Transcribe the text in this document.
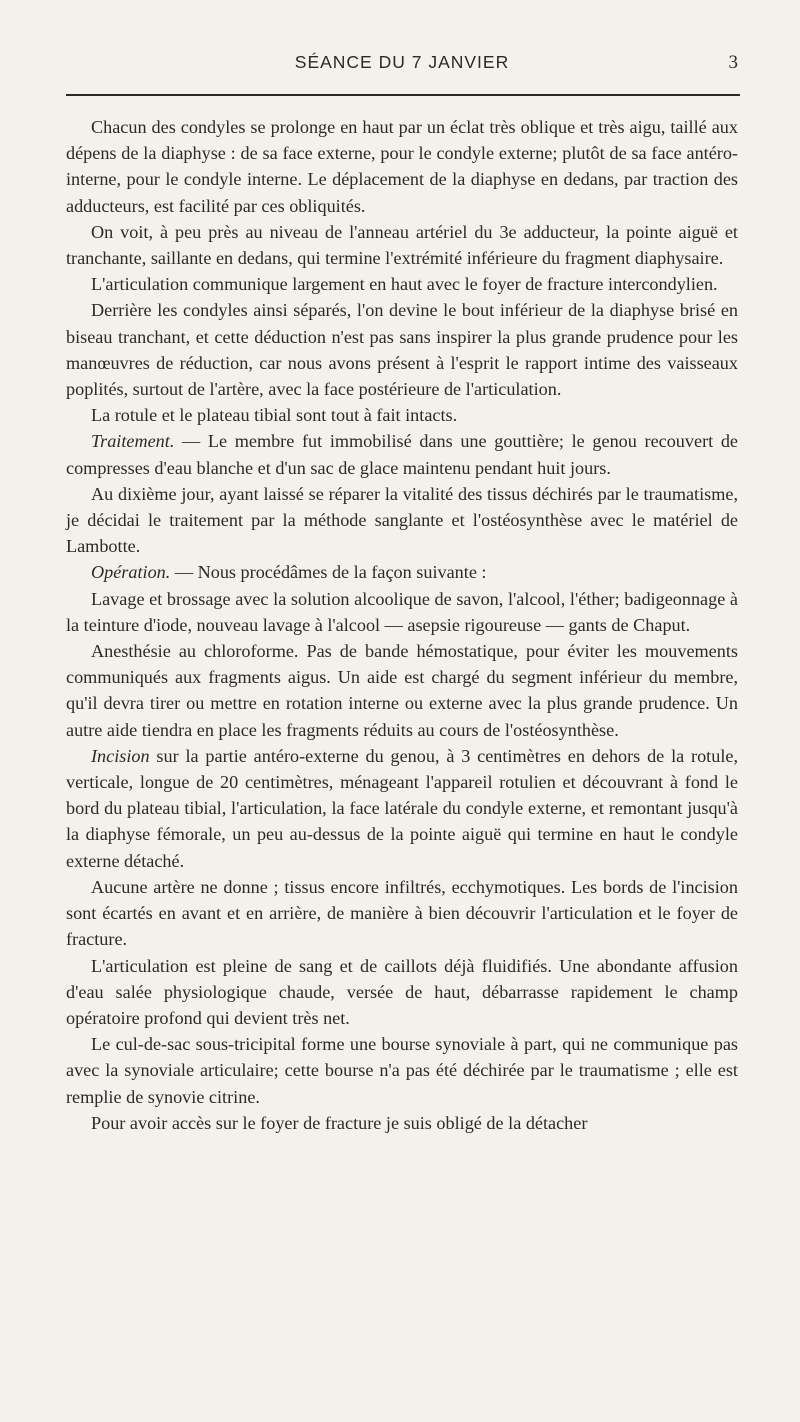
SÉANCE DU 7 JANVIER	3

Chacun des condyles se prolonge en haut par un éclat très oblique et très aigu, taillé aux dépens de la diaphyse : de sa face externe, pour le condyle externe; plutôt de sa face antéro-interne, pour le condyle interne. Le déplacement de la diaphyse en dedans, par traction des adducteurs, est facilité par ces obliquités.

On voit, à peu près au niveau de l'anneau artériel du 3e adducteur, la pointe aiguë et tranchante, saillante en dedans, qui termine l'extrémité inférieure du fragment diaphysaire.

L'articulation communique largement en haut avec le foyer de fracture intercondylien.

Derrière les condyles ainsi séparés, l'on devine le bout inférieur de la diaphyse brisé en biseau tranchant, et cette déduction n'est pas sans inspirer la plus grande prudence pour les manœuvres de réduction, car nous avons présent à l'esprit le rapport intime des vaisseaux poplités, surtout de l'artère, avec la face postérieure de l'articulation.

La rotule et le plateau tibial sont tout à fait intacts.

Traitement. — Le membre fut immobilisé dans une gouttière; le genou recouvert de compresses d'eau blanche et d'un sac de glace maintenu pendant huit jours.

Au dixième jour, ayant laissé se réparer la vitalité des tissus déchirés par le traumatisme, je décidai le traitement par la méthode sanglante et l'ostéosynthèse avec le matériel de Lambotte.

Opération. — Nous procédâmes de la façon suivante :

Lavage et brossage avec la solution alcoolique de savon, l'alcool, l'éther; badigeonnage à la teinture d'iode, nouveau lavage à l'alcool — asepsie rigoureuse — gants de Chaput.

Anesthésie au chloroforme. Pas de bande hémostatique, pour éviter les mouvements communiqués aux fragments aigus. Un aide est chargé du segment inférieur du membre, qu'il devra tirer ou mettre en rotation interne ou externe avec la plus grande prudence. Un autre aide tiendra en place les fragments réduits au cours de l'ostéosynthèse.

Incision sur la partie antéro-externe du genou, à 3 centimètres en dehors de la rotule, verticale, longue de 20 centimètres, ménageant l'appareil rotulien et découvrant à fond le bord du plateau tibial, l'articulation, la face latérale du condyle externe, et remontant jusqu'à la diaphyse fémorale, un peu au-dessus de la pointe aiguë qui termine en haut le condyle externe détaché.

Aucune artère ne donne ; tissus encore infiltrés, ecchymotiques. Les bords de l'incision sont écartés en avant et en arrière, de manière à bien découvrir l'articulation et le foyer de fracture.

L'articulation est pleine de sang et de caillots déjà fluidifiés. Une abondante affusion d'eau salée physiologique chaude, versée de haut, débarrasse rapidement le champ opératoire profond qui devient très net.

Le cul-de-sac sous-tricipital forme une bourse synoviale à part, qui ne communique pas avec la synoviale articulaire; cette bourse n'a pas été déchirée par le traumatisme ; elle est remplie de synovie citrine.

Pour avoir accès sur le foyer de fracture je suis obligé de la détacher
